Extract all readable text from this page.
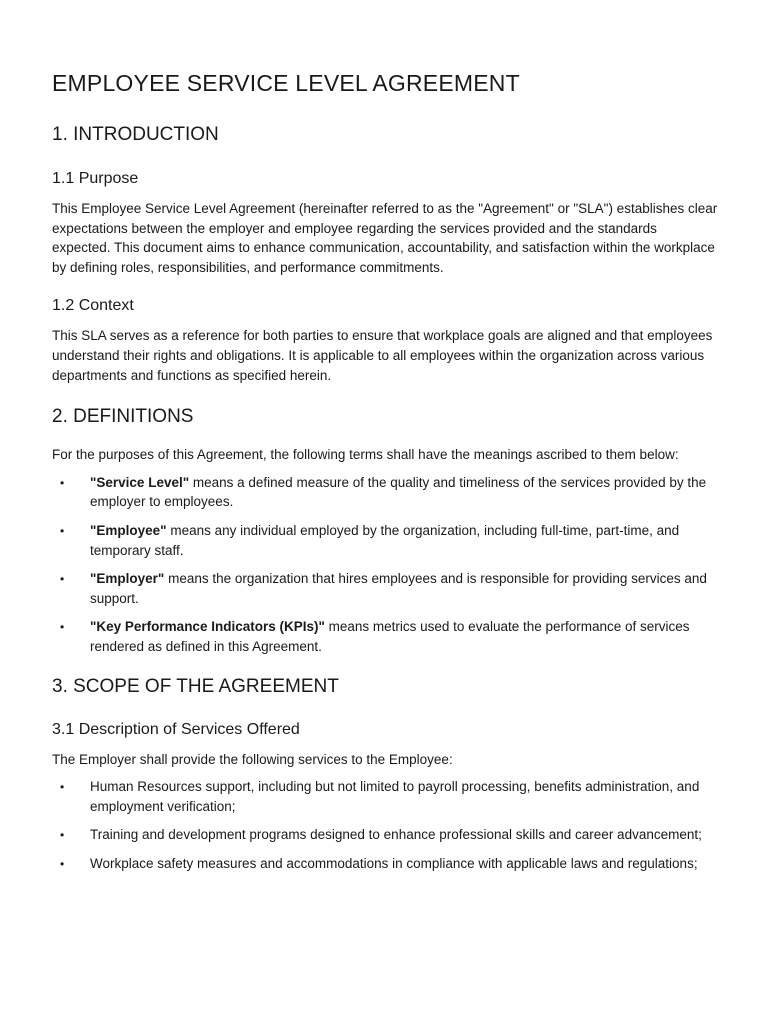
EMPLOYEE SERVICE LEVEL AGREEMENT
1. INTRODUCTION
1.1 Purpose

This Employee Service Level Agreement (hereinafter referred to as the "Agreement" or "SLA") establishes clear expectations between the employer and employee regarding the services provided and the standards expected. This document aims to enhance communication, accountability, and satisfaction within the workplace by defining roles, responsibilities, and performance commitments.

1.2 Context

This SLA serves as a reference for both parties to ensure that workplace goals are aligned and that employees understand their rights and obligations. It is applicable to all employees within the organization across various departments and functions as specified herein.

2. DEFINITIONS

For the purposes of this Agreement, the following terms shall have the meanings ascribed to them below:

• "Service Level" means a defined measure of the quality and timeliness of the services provided by the employer to employees.
• "Employee" means any individual employed by the organization, including full-time, part-time, and temporary staff.
• "Employer" means the organization that hires employees and is responsible for providing services and support.
• "Key Performance Indicators (KPIs)" means metrics used to evaluate the performance of services rendered as defined in this Agreement.
3. SCOPE OF THE AGREEMENT
3.1 Description of Services Offered

The Employer shall provide the following services to the Employee:

• Human Resources support, including but not limited to payroll processing, benefits administration, and employment verification;
• Training and development programs designed to enhance professional skills and career advancement;
• Workplace safety measures and accommodations in compliance with applicable laws and regulations;
